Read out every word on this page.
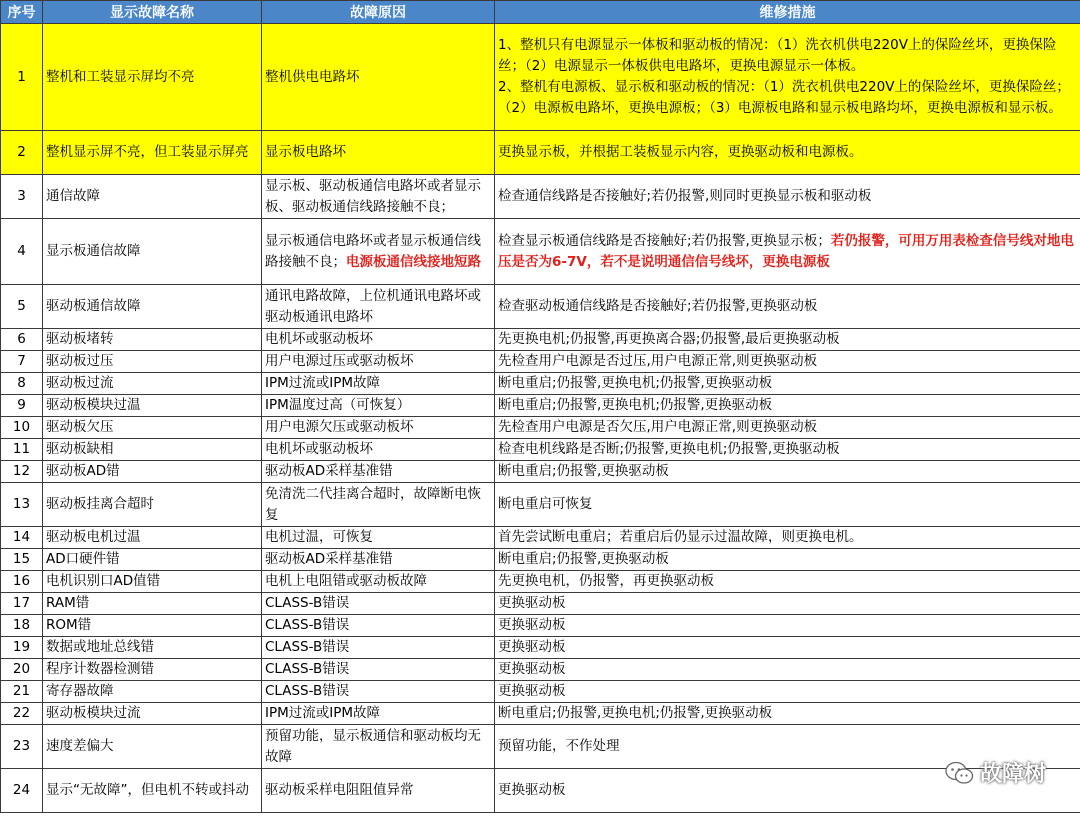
序号	显示故障名称	故障原因	维修措施
1	整机和工装显示屏均不亮	整机供电电路坏	1、整机只有电源显示一体板和驱动板的情况：（1）洗衣机供电220V上的保险丝坏，更换保险丝；（2）电源显示一体板供电电路坏，更换电源显示一体板。
2、整机有电源板、显示板和驱动板的情况：（1）洗衣机供电220V上的保险丝坏，更换保险丝；（2）电源板电路坏，更换电源板；（3）电源板电路和显示板电路均坏，更换电源板和显示板。

2	整机显示屏不亮，但工装显示屏亮	显示板电路坏	更换显示板，并根据工装板显示内容，更换驱动板和电源板。
3	通信故障	显示板、驱动板通信电路坏或者显示板、驱动板通信线路接触不良；	检查通信线路是否接触好;若仍报警,则同时更换显示板和驱动板
4	显示板通信故障	显示板通信电路坏或者显示板通信线路接触不良；电源板通信线接地短路	检查显示板通信线路是否接触好;若仍报警,更换显示板；若仍报警，可用万用表检查信号线对地电压是否为6-7V，若不是说明通信信号线坏，更换电源板
5	驱动板通信故障	通讯电路故障，上位机通讯电路坏或驱动板通讯电路坏	检查驱动板通信线路是否接触好;若仍报警,更换驱动板
6	驱动板堵转	电机坏或驱动板坏	先更换电机;仍报警,再更换离合器;仍报警,最后更换驱动板
7	驱动板过压	用户电源过压或驱动板坏	先检查用户电源是否过压,用户电源正常,则更换驱动板
8	驱动板过流	IPM过流或IPM故障	断电重启;仍报警,更换电机;仍报警,更换驱动板
9	驱动板模块过温	IPM温度过高（可恢复）	断电重启;仍报警,更换电机;仍报警,更换驱动板
10	驱动板欠压	用户电源欠压或驱动板坏	先检查用户电源是否欠压,用户电源正常,则更换驱动板
11	驱动板缺相	电机坏或驱动板坏	检查电机线路是否断;仍报警,更换电机;仍报警,更换驱动板
12	驱动板AD错	驱动板AD采样基准错	断电重启;仍报警,更换驱动板
13	驱动板挂离合超时	免清洗二代挂离合超时，故障断电恢复	断电重启可恢复
14	驱动板电机过温	电机过温，可恢复	首先尝试断电重启；若重启后仍显示过温故障，则更换电机。
15	AD口硬件错	驱动板AD采样基准错	断电重启;仍报警,更换驱动板
16	电机识别口AD值错	电机上电阻错或驱动板故障	先更换电机，仍报警，再更换驱动板
17	RAM错	CLASS-B错误	更换驱动板
18	ROM错	CLASS-B错误	更换驱动板
19	数据或地址总线错	CLASS-B错误	更换驱动板
20	程序计数器检测错	CLASS-B错误	更换驱动板
21	寄存器故障	CLASS-B错误	更换驱动板
22	驱动板模块过流	IPM过流或IPM故障	断电重启;仍报警,更换电机;仍报警,更换驱动板
23	速度差偏大	预留功能，显示板通信和驱动板均无故障	预留功能，不作处理
24	显示“无故障”，但电机不转或抖动	驱动板采样电阻阻值异常	更换驱动板
故障树
